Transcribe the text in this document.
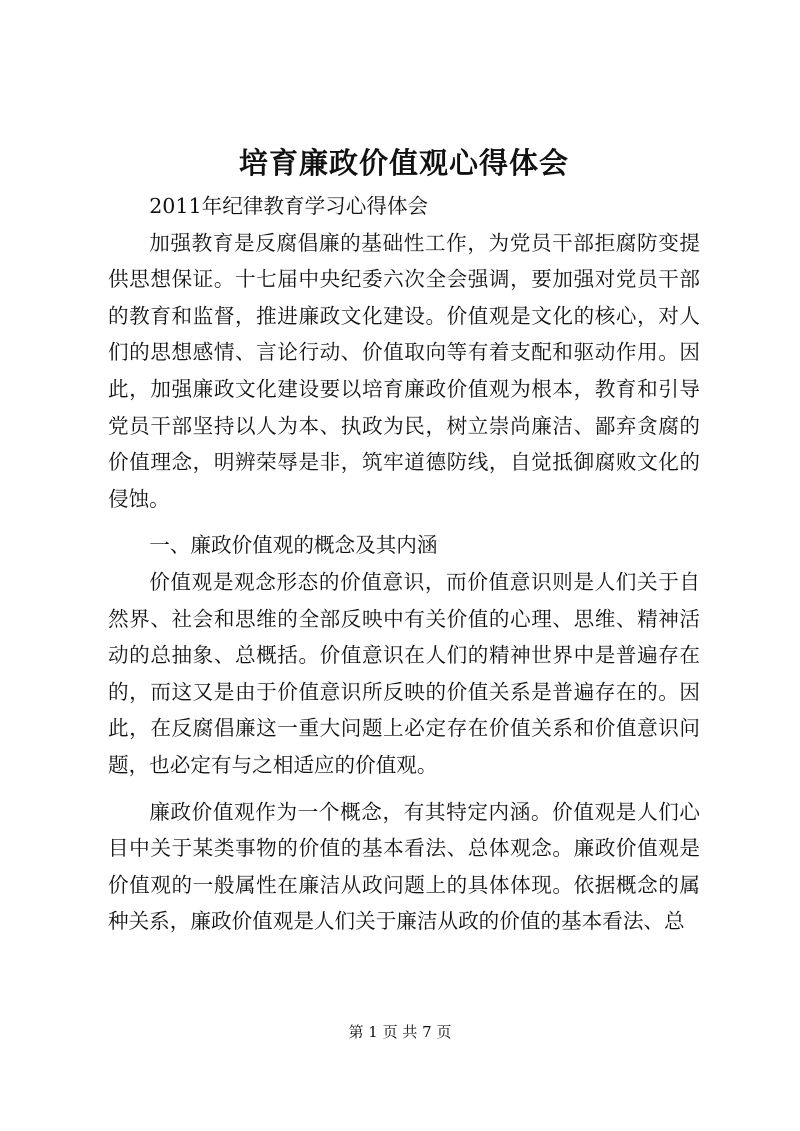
培育廉政价值观心得体会

2011年纪律教育学习心得体会

加强教育是反腐倡廉的基础性工作，为党员干部拒腐防变提供思想保证。十七届中央纪委六次全会强调，要加强对党员干部的教育和监督，推进廉政文化建设。价值观是文化的核心，对人们的思想感情、言论行动、价值取向等有着支配和驱动作用。因此，加强廉政文化建设要以培育廉政价值观为根本，教育和引导党员干部坚持以人为本、执政为民，树立崇尚廉洁、鄙弃贪腐的价值理念，明辨荣辱是非，筑牢道德防线，自觉抵御腐败文化的侵蚀。

一、廉政价值观的概念及其内涵

价值观是观念形态的价值意识，而价值意识则是人们关于自然界、社会和思维的全部反映中有关价值的心理、思维、精神活动的总抽象、总概括。价值意识在人们的精神世界中是普遍存在的，而这又是由于价值意识所反映的价值关系是普遍存在的。因此，在反腐倡廉这一重大问题上必定存在价值关系和价值意识问题，也必定有与之相适应的价值观。

廉政价值观作为一个概念，有其特定内涵。价值观是人们心目中关于某类事物的价值的基本看法、总体观念。廉政价值观是价值观的一般属性在廉洁从政问题上的具体体现。依据概念的属种关系，廉政价值观是人们关于廉洁从政的价值的基本看法、总

第 1 页 共 7 页
